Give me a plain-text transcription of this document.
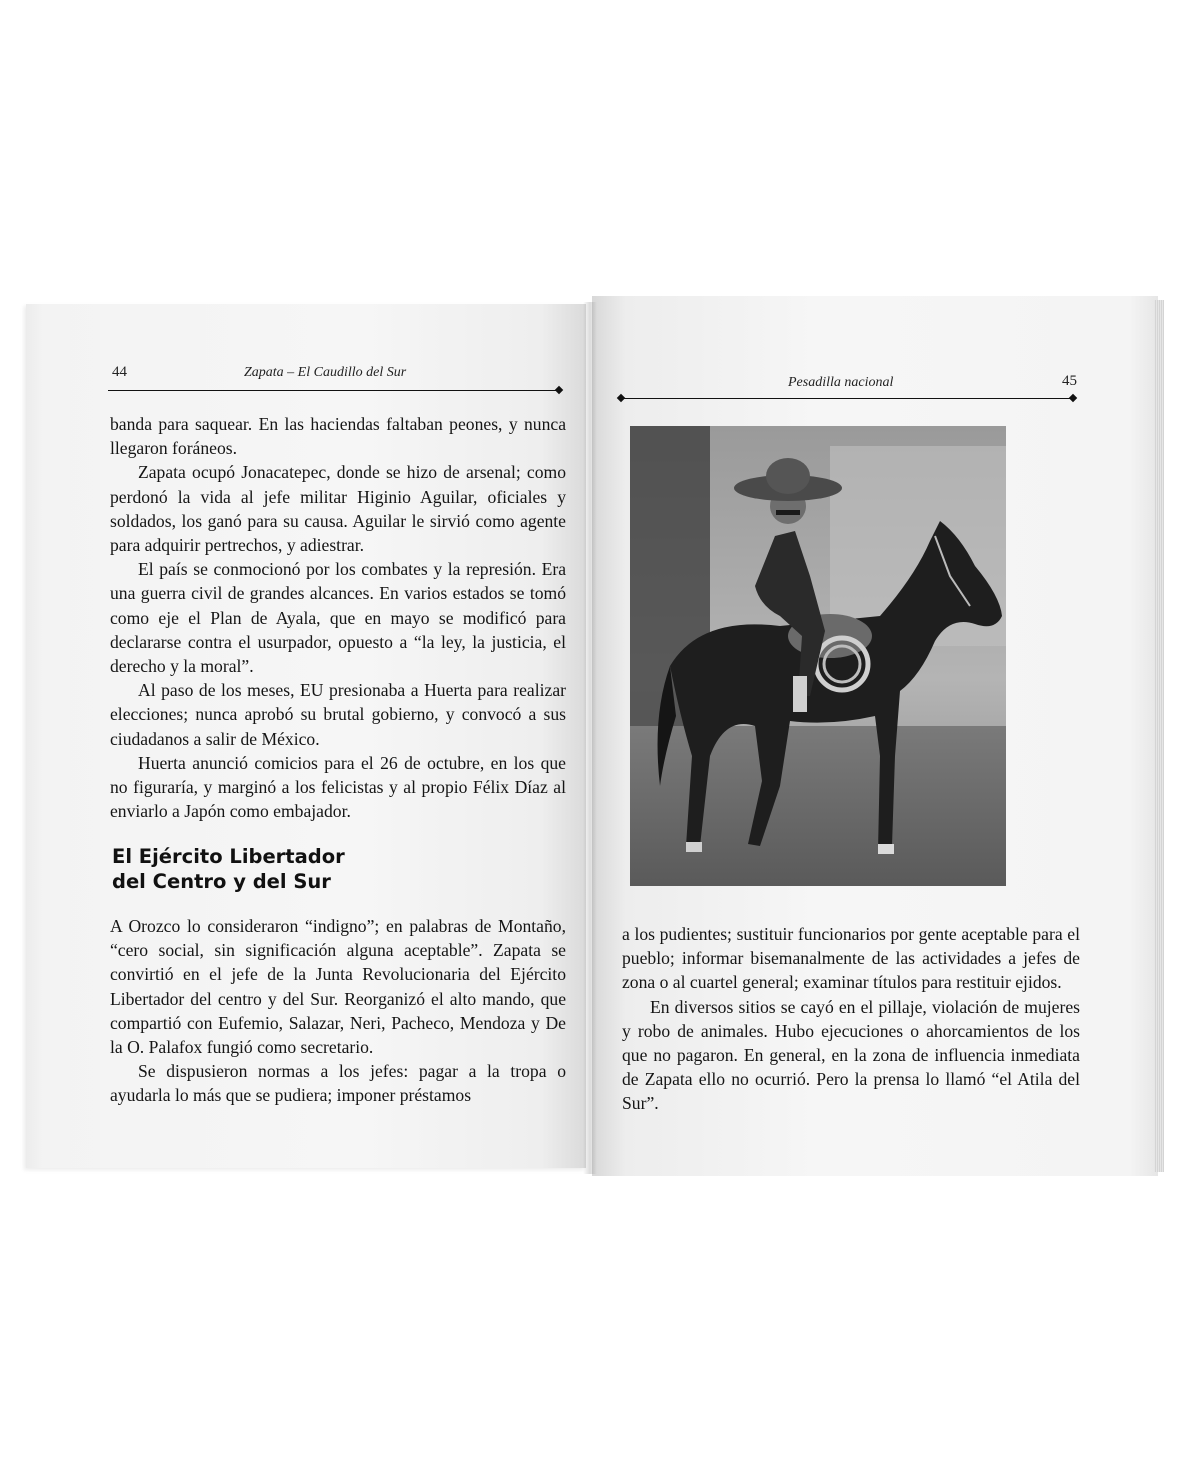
44	Zapata – El Caudillo del Sur

banda para saquear. En las haciendas faltaban peones, y nunca llegaron foráneos.

Zapata ocupó Jonacatepec, donde se hizo de arsenal; como perdonó la vida al jefe militar Higinio Aguilar, oficiales y soldados, los ganó para su causa. Aguilar le sirvió como agente para adquirir pertrechos, y adiestrar.

El país se conmocionó por los combates y la represión. Era una guerra civil de grandes alcances. En varios estados se tomó como eje el Plan de Ayala, que en mayo se modificó para declararse contra el usurpador, opuesto a “la ley, la justicia, el derecho y la moral”.

Al paso de los meses, EU presionaba a Huerta para realizar elecciones; nunca aprobó su brutal gobierno, y convocó a sus ciudadanos a salir de México.

Huerta anunció comicios para el 26 de octubre, en los que no figuraría, y marginó a los felicistas y al propio Félix Díaz al enviarlo a Japón como embajador.

El Ejército Libertador
del Centro y del Sur

A Orozco lo consideraron “indigno”; en palabras de Montaño, “cero social, sin significación alguna aceptable”. Zapata se convirtió en el jefe de la Junta Revolucionaria del Ejército Libertador del centro y del Sur. Reorganizó el alto mando, que compartió con Eufemio, Salazar, Neri, Pacheco, Mendoza y De la O. Palafox fungió como secretario.

Se dispusieron normas a los jefes: pagar a la tropa o ayudarla lo más que se pudiera; imponer préstamos

Pesadilla nacional	45

a los pudientes; sustituir funcionarios por gente aceptable para el pueblo; informar bisemanalmente de las actividades a jefes de zona o al cuartel general; examinar títulos para restituir ejidos.

En diversos sitios se cayó en el pillaje, violación de mujeres y robo de animales. Hubo ejecuciones o ahorcamientos de los que no pagaron. En general, en la zona de influencia inmediata de Zapata ello no ocurrió. Pero la prensa lo llamó “el Atila del Sur”.
